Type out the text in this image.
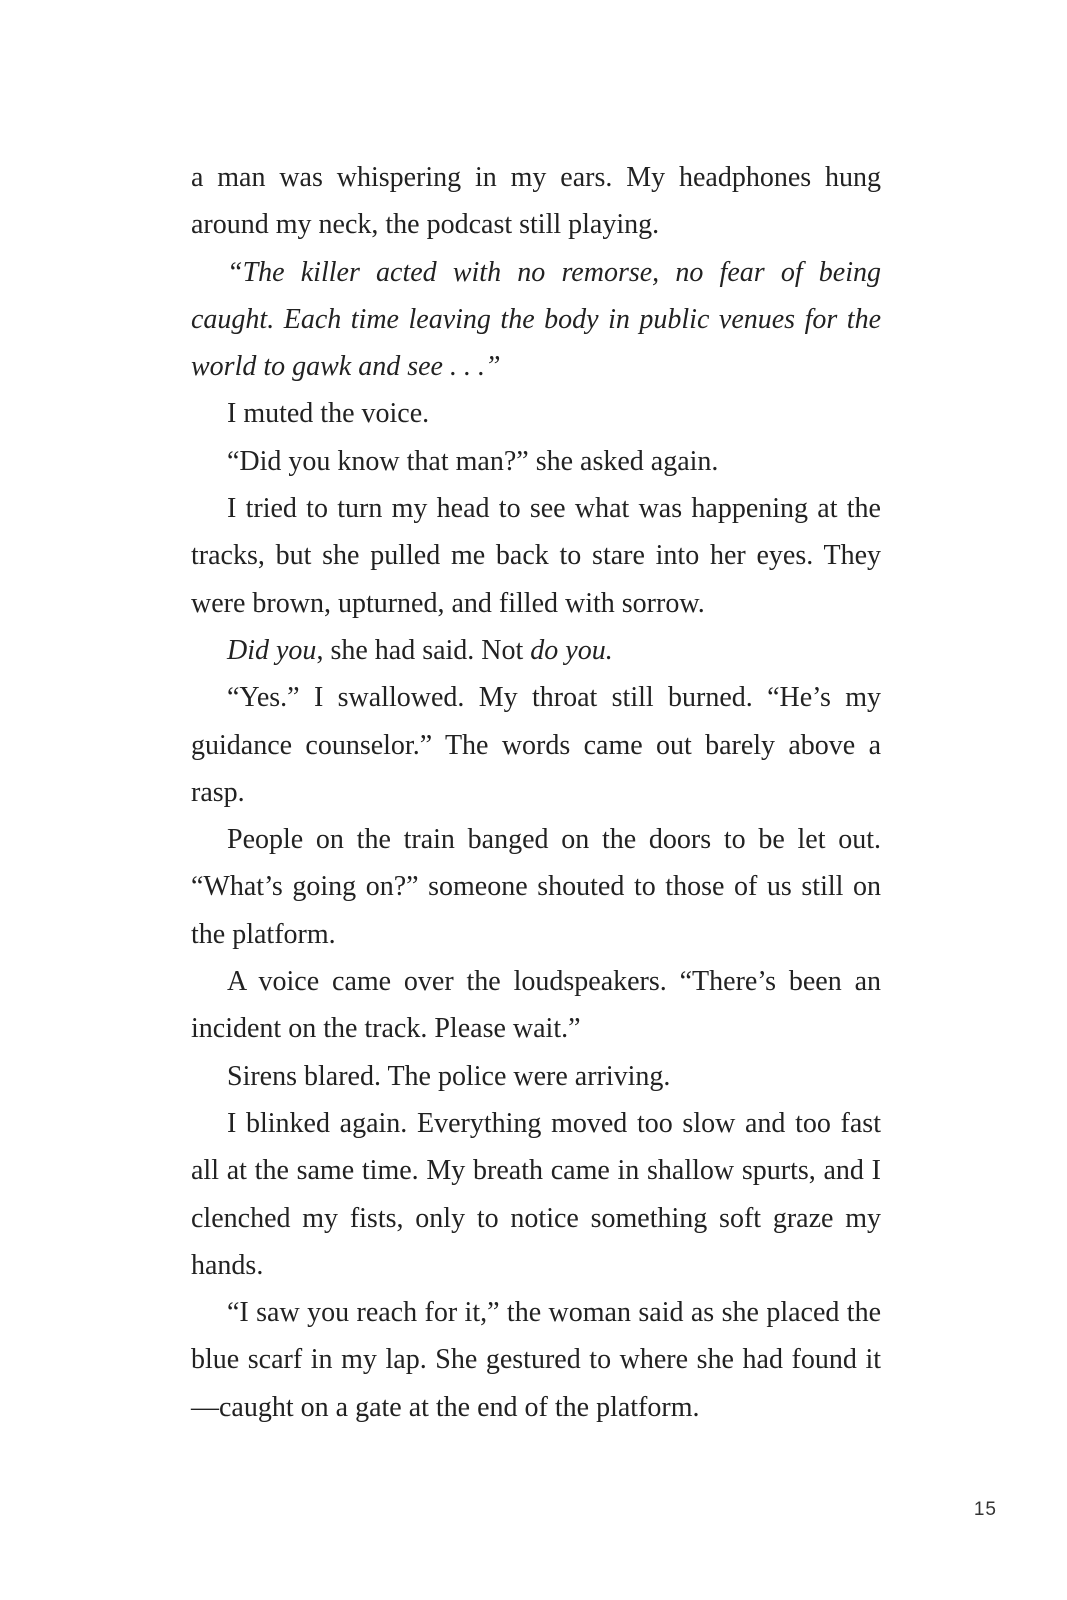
a man was whispering in my ears. My headphones hung around my neck, the podcast still playing.

“The killer acted with no remorse, no fear of being caught. Each time leaving the body in public venues for the world to gawk and see . . .”

I muted the voice.

“Did you know that man?” she asked again.

I tried to turn my head to see what was happening at the tracks, but she pulled me back to stare into her eyes. They were brown, upturned, and filled with sorrow.

Did you, she had said. Not do you.

“Yes.” I swallowed. My throat still burned. “He’s my guidance counselor.” The words came out barely above a rasp.

People on the train banged on the doors to be let out. “What’s going on?” someone shouted to those of us still on the platform.

A voice came over the loudspeakers. “There’s been an incident on the track. Please wait.”

Sirens blared. The police were arriving.

I blinked again. Everything moved too slow and too fast all at the same time. My breath came in shallow spurts, and I clenched my fists, only to notice something soft graze my hands.

“I saw you reach for it,” the woman said as she placed the blue scarf in my lap. She gestured to where she had found it—caught on a gate at the end of the platform.

15
